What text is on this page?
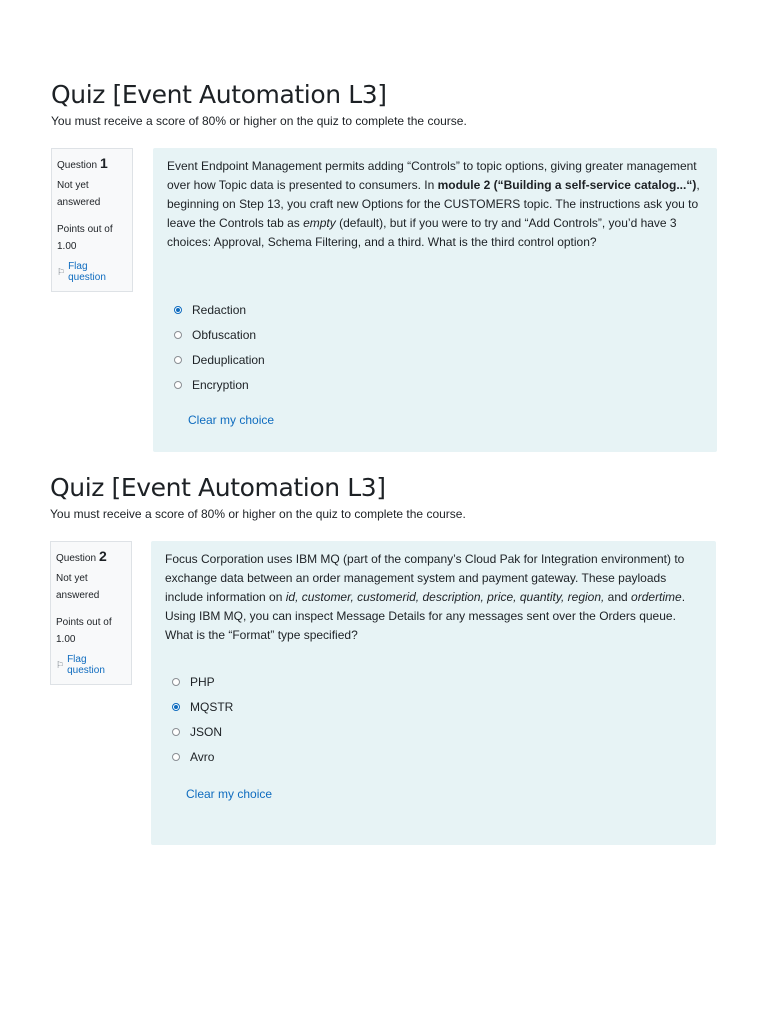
Quiz [Event Automation L3]

You must receive a score of 80% or higher on the quiz to complete the course.

Question 1
Not yet
answered
Points out of
1.00
⚐ Flag question

Event Endpoint Management permits adding “Controls” to topic options, giving greater management over how Topic data is presented to consumers. In module 2 (“Building a self-service catalog...“), beginning on Step 13, you craft new Options for the CUSTOMERS topic. The instructions ask you to leave the Controls tab as empty (default), but if you were to try and “Add Controls”, you’d have 3 choices: Approval, Schema Filtering, and a third. What is the third control option?

Redaction
Obfuscation
Deduplication
Encryption
Clear my choice
Quiz [Event Automation L3]

You must receive a score of 80% or higher on the quiz to complete the course.

Question 2
Not yet
answered
Points out of
1.00
⚐ Flag question

Focus Corporation uses IBM MQ (part of the company’s Cloud Pak for Integration environment) to exchange data between an order management system and payment gateway. These payloads include information on id, customer, customerid, description, price, quantity, region, and ordertime. Using IBM MQ, you can inspect Message Details for any messages sent over the Orders queue. What is the “Format” type specified?

PHP
MQSTR
JSON
Avro
Clear my choice
